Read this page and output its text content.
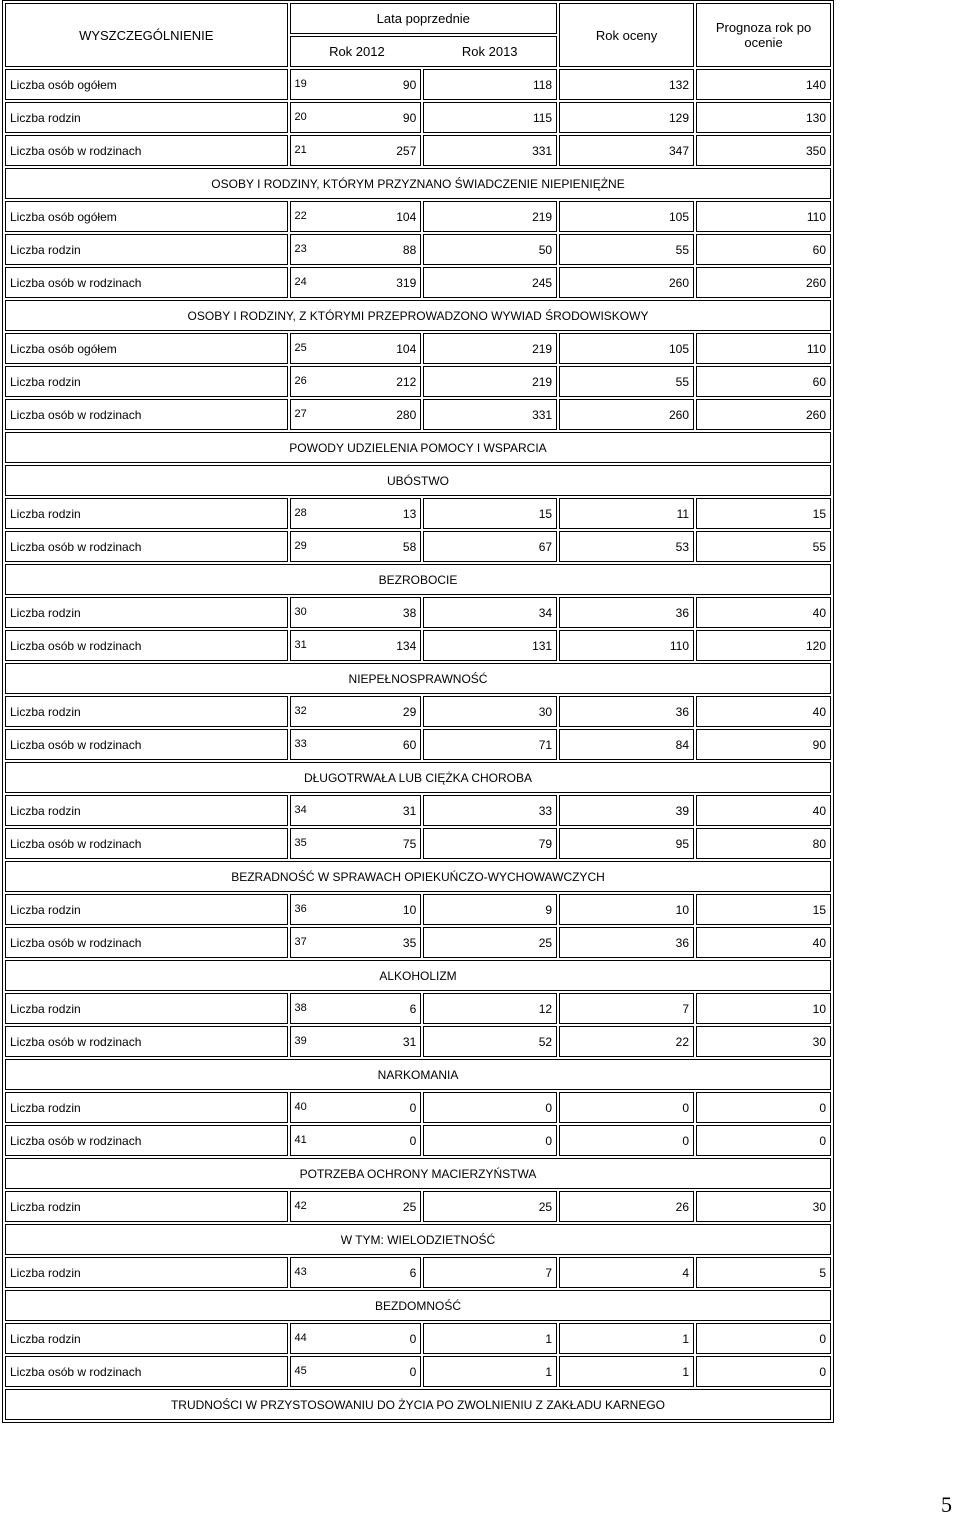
WYSZCZEGÓLNIENIE	Lata poprzednie	Rok oceny	Prognoza rok po ocenie

Rok 2012	Rok 2013

Liczba osób ogółem	19	90	118	132	140
Liczba rodzin	20	90	115	129	130
Liczba osób w rodzinach	21	257	331	347	350
OSOBY I RODZINY, KTÓRYM PRZYZNANO ŚWIADCZENIE NIEPIENIĘŻNE
Liczba osób ogółem	22	104	219	105	110
Liczba rodzin	23	88	50	55	60
Liczba osób w rodzinach	24	319	245	260	260
OSOBY I RODZINY, Z KTÓRYMI PRZEPROWADZONO WYWIAD ŚRODOWISKOWY
Liczba osób ogółem	25	104	219	105	110
Liczba rodzin	26	212	219	55	60
Liczba osób w rodzinach	27	280	331	260	260
POWODY UDZIELENIA POMOCY I WSPARCIA
UBÓSTWO
Liczba rodzin	28	13	15	11	15
Liczba osób w rodzinach	29	58	67	53	55
BEZROBOCIE
Liczba rodzin	30	38	34	36	40
Liczba osób w rodzinach	31	134	131	110	120
NIEPEŁNOSPRAWNOŚĆ
Liczba rodzin	32	29	30	36	40
Liczba osób w rodzinach	33	60	71	84	90
DŁUGOTRWAŁA LUB CIĘŻKA CHOROBA
Liczba rodzin	34	31	33	39	40
Liczba osób w rodzinach	35	75	79	95	80
BEZRADNOŚĆ W SPRAWACH OPIEKUŃCZO-WYCHOWAWCZYCH
Liczba rodzin	36	10	9	10	15
Liczba osób w rodzinach	37	35	25	36	40
ALKOHOLIZM
Liczba rodzin	38	6	12	7	10
Liczba osób w rodzinach	39	31	52	22	30
NARKOMANIA
Liczba rodzin	40	0	0	0	0
Liczba osób w rodzinach	41	0	0	0	0
POTRZEBA OCHRONY MACIERZYŃSTWA
Liczba rodzin	42	25	25	26	30
W TYM: WIELODZIETNOŚĆ
Liczba rodzin	43	6	7	4	5
BEZDOMNOŚĆ
Liczba rodzin	44	0	1	1	0
Liczba osób w rodzinach	45	0	1	1	0
TRUDNOŚCI W PRZYSTOSOWANIU DO ŻYCIA PO ZWOLNIENIU Z ZAKŁADU KARNEGO
5
